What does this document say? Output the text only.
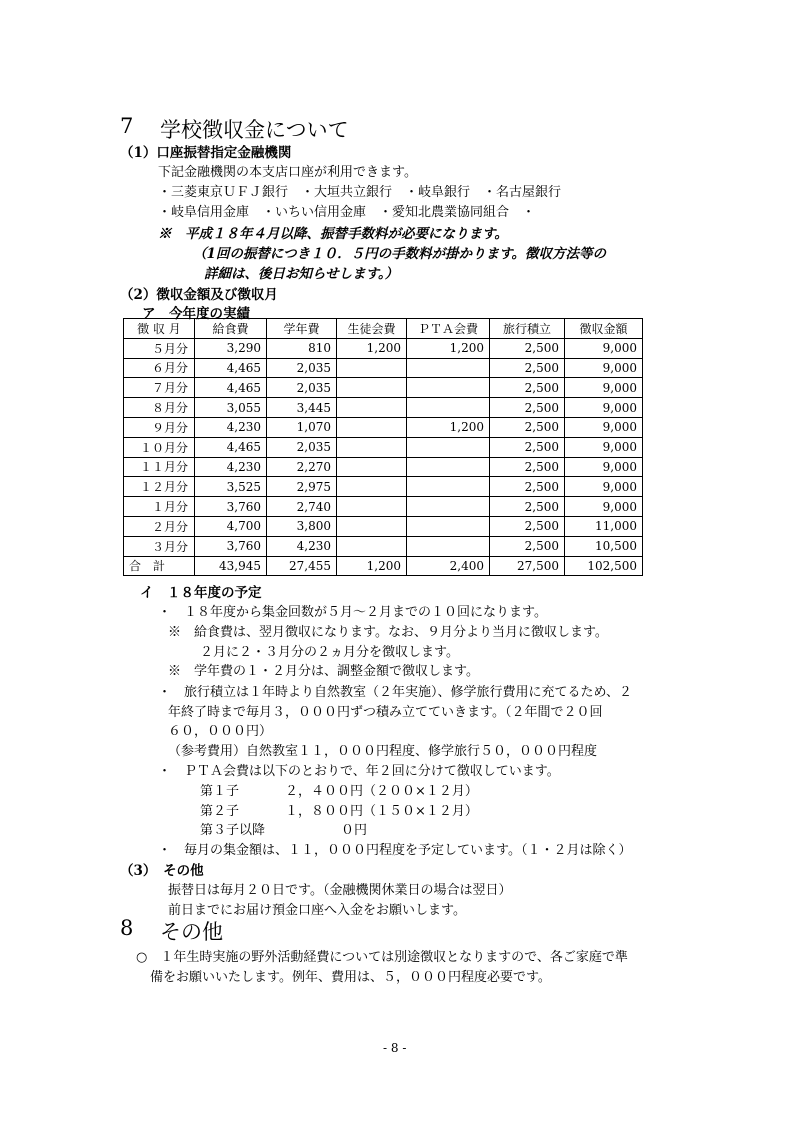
7 学校徴収金について
（1）口座振替指定金融機関
下記金融機関の本支店口座が利用できます。
・三菱東京ＵＦＪ銀行　・大垣共立銀行　・岐阜銀行　・名古屋銀行
・岐阜信用金庫　・いちい信用金庫　・愛知北農業協同組合　・
※　平成１８年４月以降、振替手数料が必要になります。
（1回の振替につき１０．５円の手数料が掛かります。徴収方法等の
詳細は、後日お知らせします。）
（2）徴収金額及び徴収月
ア　今年度の実績
徴 収 月	給食費	学年費	生徒会費	ＰＴＡ会費	旅行積立	徴収金額
５月分	3,290	810	1,200	1,200	2,500	9,000
６月分	4,465	2,035			2,500	9,000
７月分	4,465	2,035			2,500	9,000
８月分	3,055	3,445			2,500	9,000
９月分	4,230	1,070		1,200	2,500	9,000
１０月分	4,465	2,035			2,500	9,000
１１月分	4,230	2,270			2,500	9,000
１２月分	3,525	2,975			2,500	9,000
１月分	3,760	2,740			2,500	9,000
２月分	4,700	3,800			2,500	11,000
３月分	3,760	4,230			2,500	10,500
合　計	43,945	27,455	1,200	2,400	27,500	102,500
イ　１８年度の予定
・　１８年度から集金回数が５月～２月までの１０回になります。
※　給食費は、翌月徴収になります。なお、９月分より当月に徴収します。
２月に２・３月分の２ヵ月分を徴収します。
※　学年費の１・２月分は、調整金額で徴収します。
・　旅行積立は１年時より自然教室（２年実施）、修学旅行費用に充てるため、２
年終了時まで毎月３，０００円ずつ積み立てていきます。（２年間で２０回
６０，０００円）
（参考費用）自然教室１１，０００円程度、修学旅行５０，０００円程度
・　ＰＴＡ会費は以下のとおりで、年２回に分けて徴収しています。
第１子	２，４００円（２００×１２月）
第２子	１，８００円（１５０×１２月）
第３子以降	０円
・　毎月の集金額は、１１，０００円程度を予定しています。（１・２月は除く）
（3）　その他
振替日は毎月２０日です。（金融機関休業日の場合は翌日）
前日までにお届け預金口座へ入金をお願いします。
8 その他
○　１年生時実施の野外活動経費については別途徴収となりますので、各ご家庭で準
備をお願いいたします。例年、費用は、５，０００円程度必要です。
- 8 -
